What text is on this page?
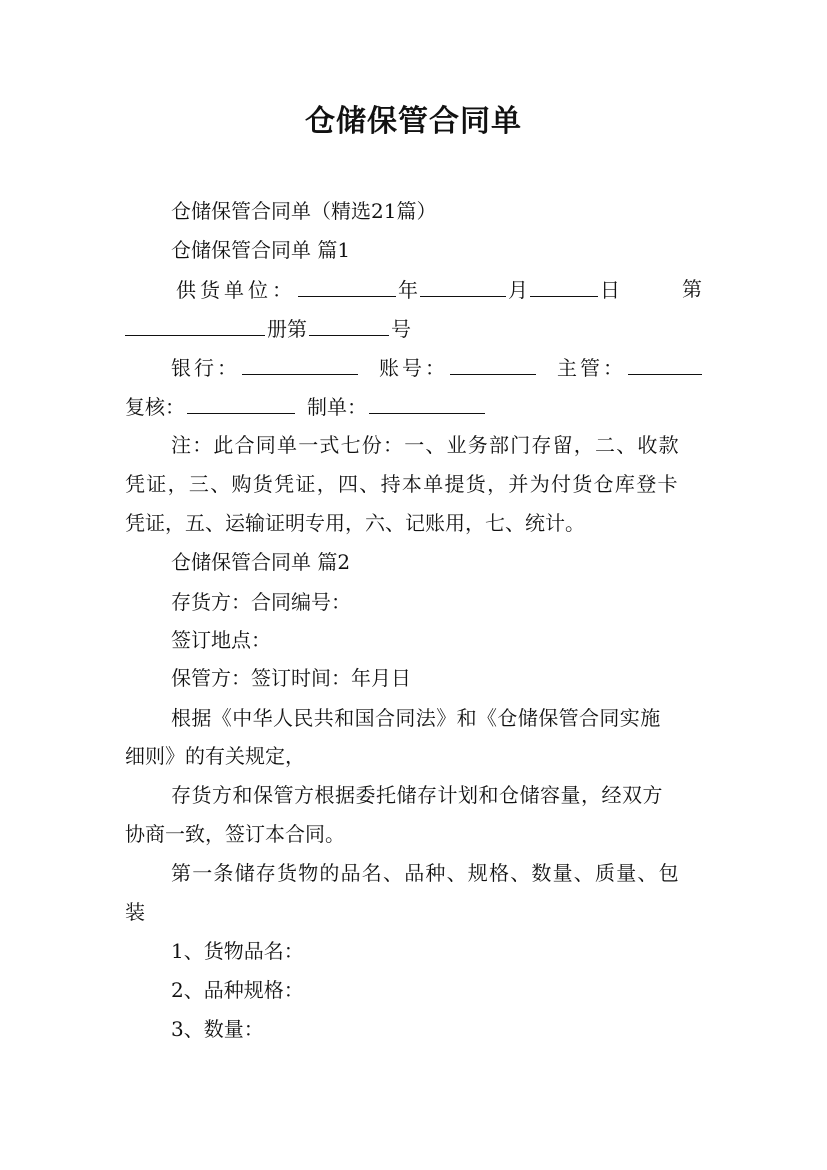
仓储保管合同单
仓储保管合同单（精选21篇）
仓储保管合同单 篇1
供货单位：	年	月	日	第
册第	号
银行：	账号：	主管：
复核：	制单：
注：此合同单一式七份：一、业务部门存留，二、收款
凭证，三、购货凭证，四、持本单提货，并为付货仓库登卡
凭证，五、运输证明专用，六、记账用，七、统计。
仓储保管合同单 篇2
存货方：合同编号：
签订地点：
保管方：签订时间：年月日
根据《中华人民共和国合同法》和《仓储保管合同实施
细则》的有关规定，
存货方和保管方根据委托储存计划和仓储容量，经双方
协商一致，签订本合同。
第一条储存货物的品名、品种、规格、数量、质量、包
装
1、货物品名：
2、品种规格：
3、数量：
